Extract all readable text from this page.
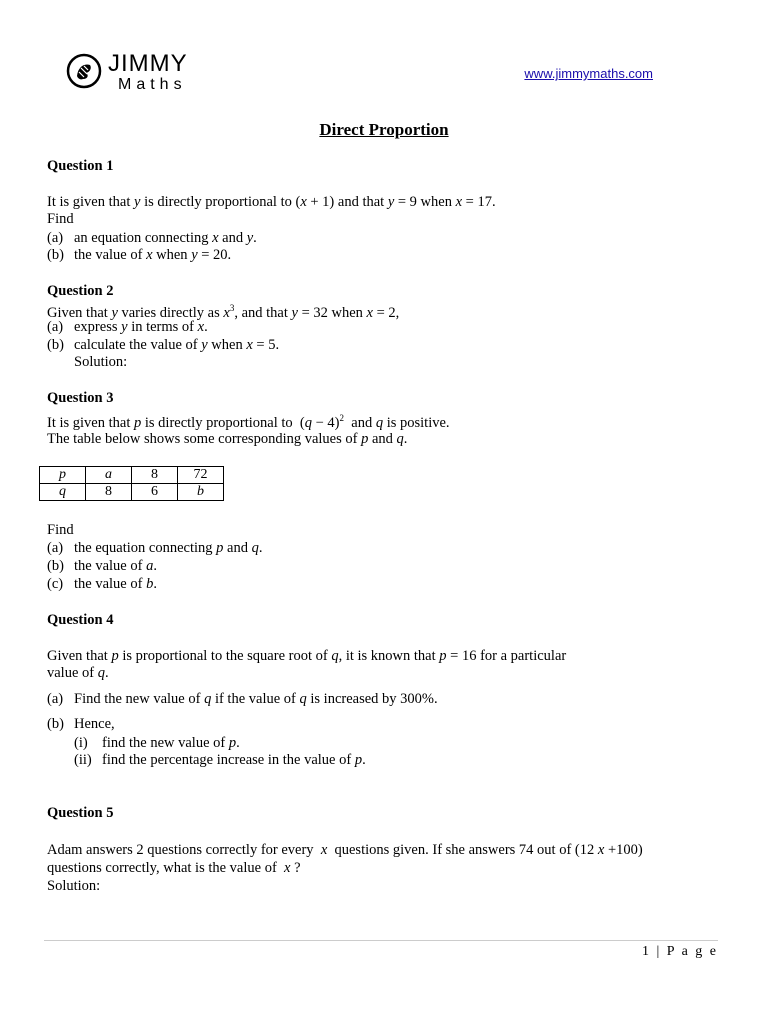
JIMMY
Maths
www.jimmymaths.com
Direct Proportion
Question 1
It is given that y is directly proportional to (x + 1) and that y = 9 when x = 17.
Find
(a) an equation connecting x and y.
(b) the value of x when y = 20.
Question 2
Given that y varies directly as $x^3$, and that y = 32 when x = 2,
(a) express y in terms of x.
(b) calculate the value of y when x = 5.
Solution:
Question 3
It is given that p is directly proportional to  $(q - 4)^2$  and q is positive.
The table below shows some corresponding values of p and q.
p	a	8	72
q	8	6	b
Find
(a) the equation connecting p and q.
(b) the value of a.
(c) the value of b.
Question 4
Given that p is proportional to the square root of q, it is known that p = 16 for a particular
value of q.
(a) Find the new value of q if the value of q is increased by 300%.
(b) Hence,
(i) find the new value of p.
(ii) find the percentage increase in the value of p.
Question 5
Adam answers 2 questions correctly for every  x  questions given. If she answers 74 out of (12 x +100)
questions correctly, what is the value of  x ?
Solution:
1 | P a g e
